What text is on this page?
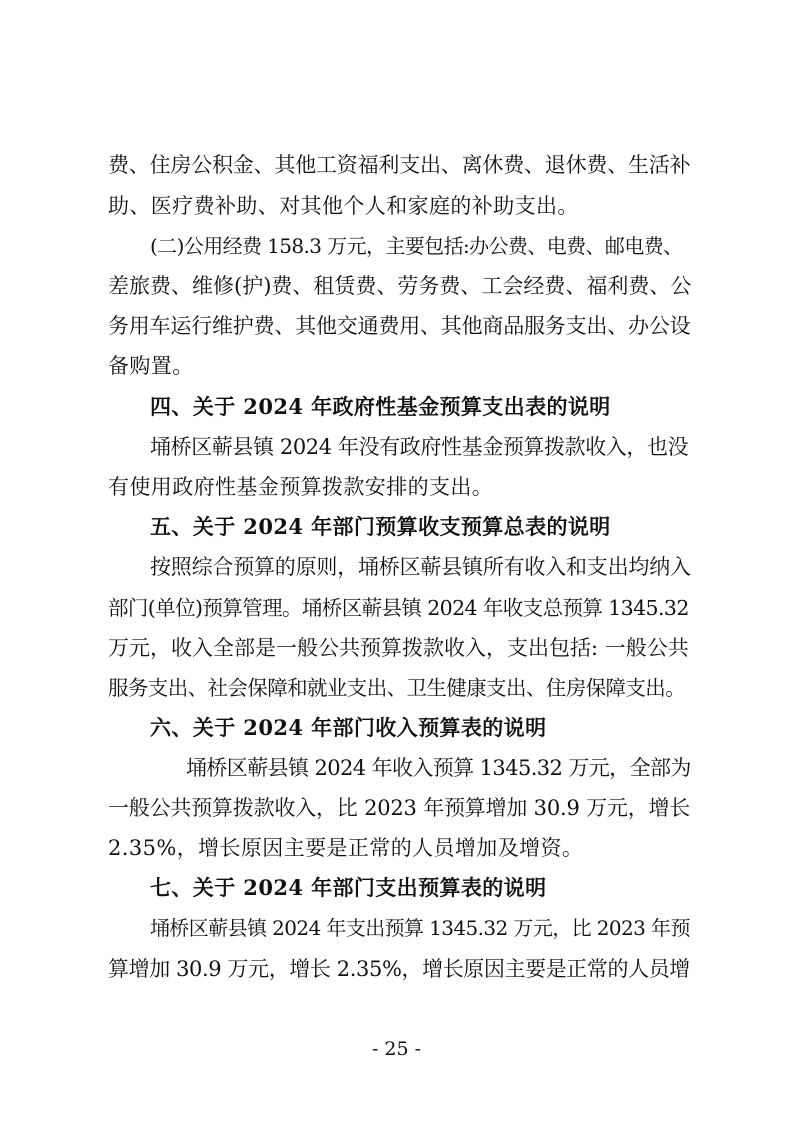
费、住房公积金、其他工资福利支出、离休费、退休费、生活补
助、医疗费补助、对其他个人和家庭的补助支出。
(二)公用经费 158.3 万元，主要包括:办公费、电费、邮电费、
差旅费、维修(护)费、租赁费、劳务费、工会经费、福利费、公
务用车运行维护费、其他交通费用、其他商品服务支出、办公设
备购置。
四、关于 2024 年政府性基金预算支出表的说明
埇桥区蕲县镇 2024 年没有政府性基金预算拨款收入，也没
有使用政府性基金预算拨款安排的支出。
五、关于 2024 年部门预算收支预算总表的说明
按照综合预算的原则，埇桥区蕲县镇所有收入和支出均纳入
部门(单位)预算管理。埇桥区蕲县镇 2024 年收支总预算 1345.32
万元，收入全部是一般公共预算拨款收入，支出包括: 一般公共
服务支出、社会保障和就业支出、卫生健康支出、住房保障支出。
六、关于 2024 年部门收入预算表的说明
埇桥区蕲县镇 2024 年收入预算 1345.32 万元，全部为
一般公共预算拨款收入，比 2023 年预算增加 30.9 万元，增长
2.35%，增长原因主要是正常的人员增加及增资。
七、关于 2024 年部门支出预算表的说明
埇桥区蕲县镇 2024 年支出预算 1345.32 万元，比 2023 年预
算增加 30.9 万元，增长 2.35%，增长原因主要是正常的人员增
- 25 -
